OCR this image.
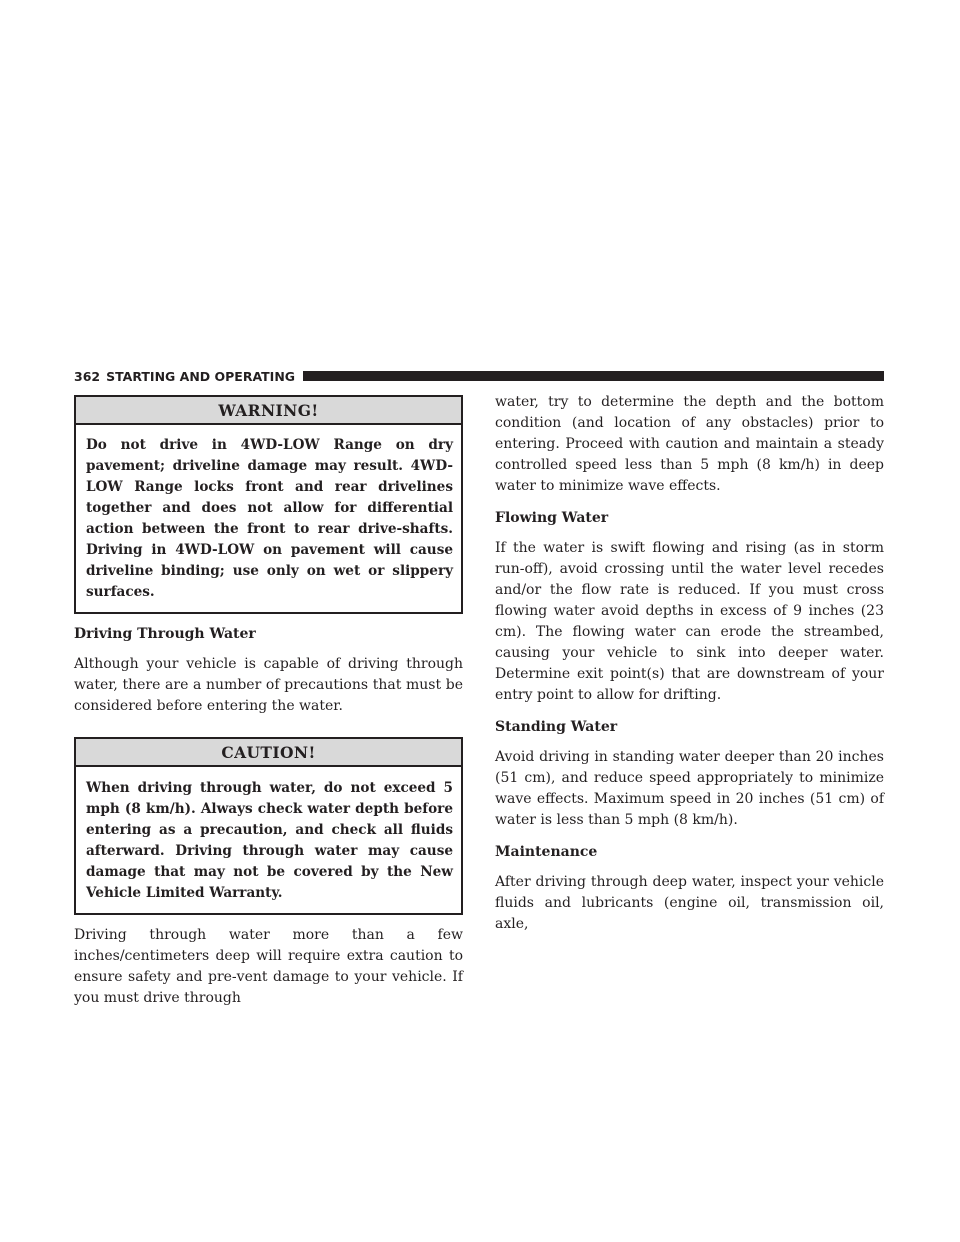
362 STARTING AND OPERATING
WARNING!
Do not drive in 4WD-LOW Range on dry pavement; driveline damage may result. 4WD-LOW Range locks front and rear drivelines together and does not allow for differential action between the front to rear drive-shafts. Driving in 4WD-LOW on pavement will cause driveline binding; use only on wet or slippery surfaces.
Driving Through Water

Although your vehicle is capable of driving through water, there are a number of precautions that must be considered before entering the water.

CAUTION!
When driving through water, do not exceed 5 mph (8 km/h). Always check water depth before entering as a precaution, and check all fluids afterward. Driving through water may cause damage that may not be covered by the New Vehicle Limited Warranty.

Driving through water more than a few inches/centimeters deep will require extra caution to ensure safety and pre-vent damage to your vehicle. If you must drive through

water, try to determine the depth and the bottom condition (and location of any obstacles) prior to entering. Proceed with caution and maintain a steady controlled speed less than 5 mph (8 km/h) in deep water to minimize wave effects.

Flowing Water

If the water is swift flowing and rising (as in storm run-off), avoid crossing until the water level recedes and/or the flow rate is reduced. If you must cross flowing water avoid depths in excess of 9 inches (23 cm). The flowing water can erode the streambed, causing your vehicle to sink into deeper water. Determine exit point(s) that are downstream of your entry point to allow for drifting.

Standing Water

Avoid driving in standing water deeper than 20 inches (51 cm), and reduce speed appropriately to minimize wave effects. Maximum speed in 20 inches (51 cm) of water is less than 5 mph (8 km/h).

Maintenance

After driving through deep water, inspect your vehicle fluids and lubricants (engine oil, transmission oil, axle,
